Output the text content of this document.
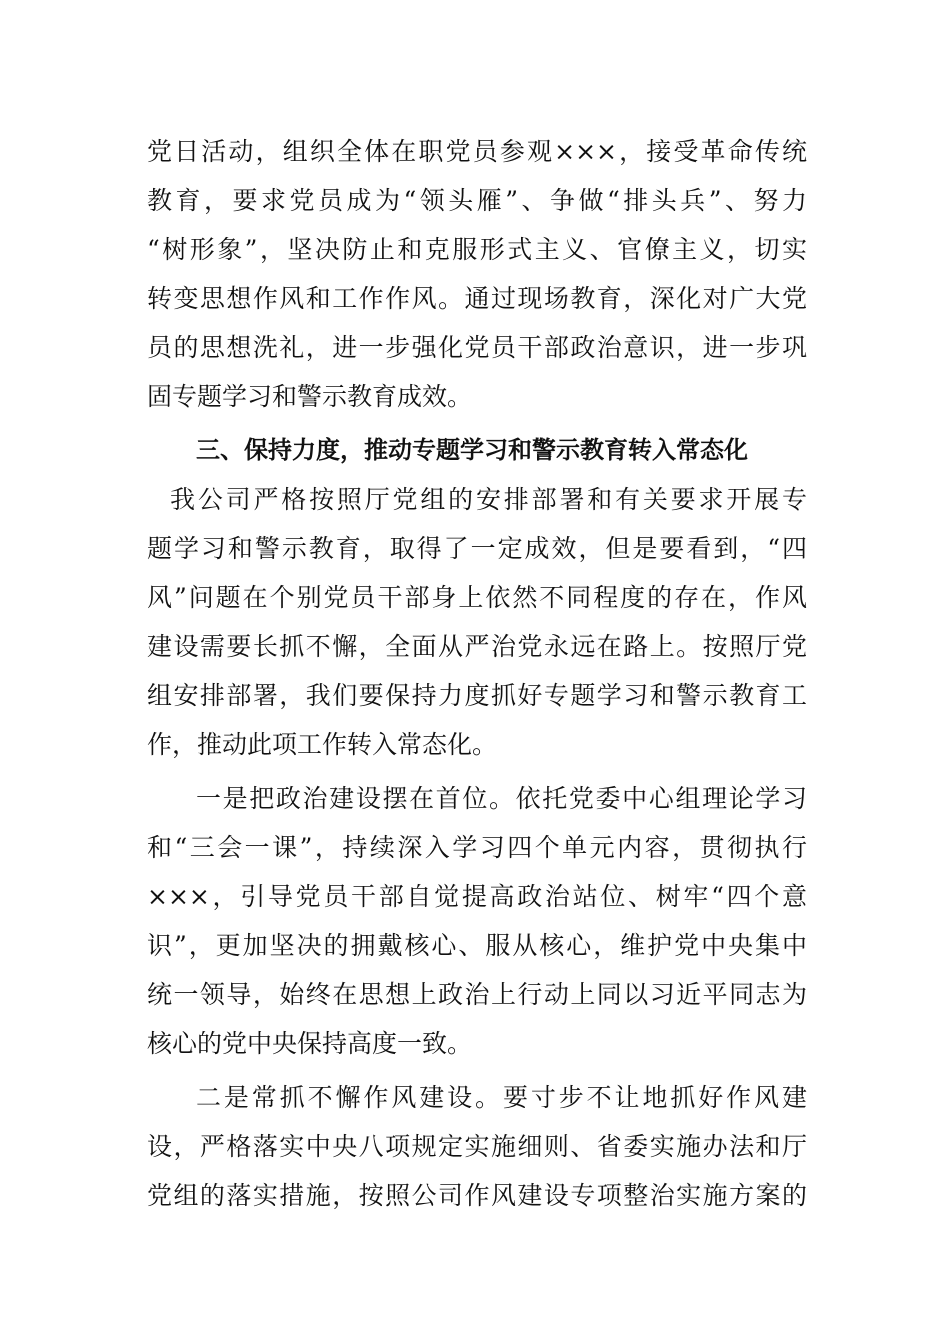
党日活动，组织全体在职党员参观×××，接受革命传统
教育，要求党员成为“领头雁”、争做“排头兵”、努力
“树形象”，坚决防止和克服形式主义、官僚主义，切实
转变思想作风和工作作风。通过现场教育，深化对广大党
员的思想洗礼，进一步强化党员干部政治意识，进一步巩
固专题学习和警示教育成效。
三、保持力度，推动专题学习和警示教育转入常态化
我公司严格按照厅党组的安排部署和有关要求开展专
题学习和警示教育，取得了一定成效，但是要看到，“四
风”问题在个别党员干部身上依然不同程度的存在，作风
建设需要长抓不懈，全面从严治党永远在路上。按照厅党
组安排部署，我们要保持力度抓好专题学习和警示教育工
作，推动此项工作转入常态化。
一是把政治建设摆在首位。依托党委中心组理论学习
和“三会一课”，持续深入学习四个单元内容，贯彻执行
×××，引导党员干部自觉提高政治站位、树牢“四个意
识”，更加坚决的拥戴核心、服从核心，维护党中央集中
统一领导，始终在思想上政治上行动上同以习近平同志为
核心的党中央保持高度一致。
二是常抓不懈作风建设。要寸步不让地抓好作风建
设，严格落实中央八项规定实施细则、省委实施办法和厅
党组的落实措施，按照公司作风建设专项整治实施方案的
